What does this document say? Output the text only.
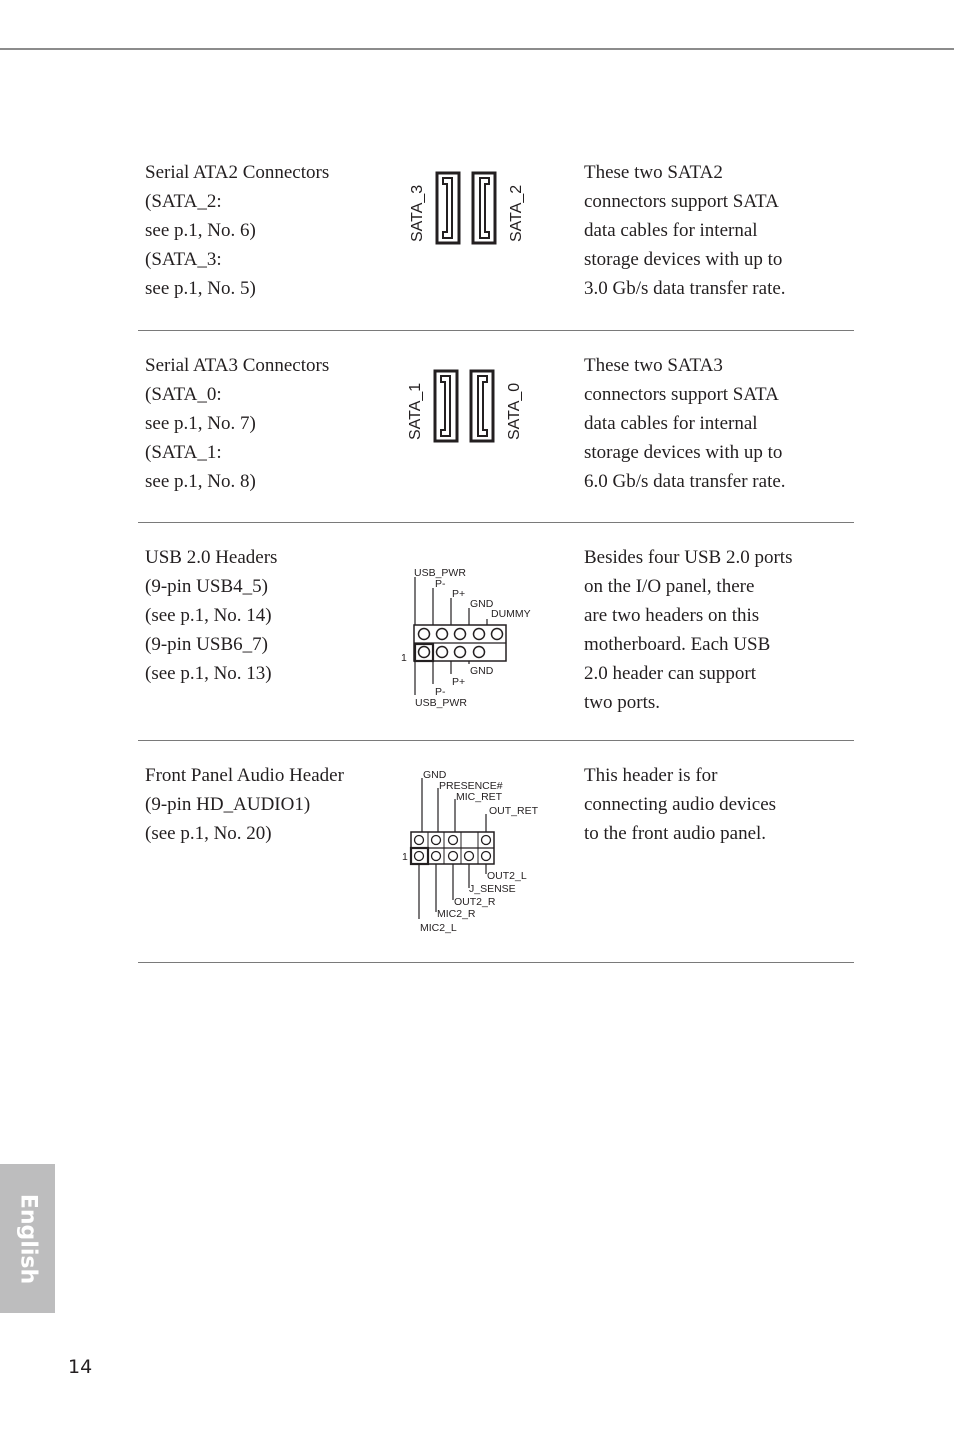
Serial ATA2 Connectors
(SATA_2:
see p.1, No. 6)
(SATA_3:
see p.1, No. 5)
SATA_3	SATA_2
These two SATA2
connectors support SATA
data cables for internal
storage devices with up to
3.0 Gb/s data transfer rate.
Serial ATA3 Connectors
(SATA_0:
see p.1, No. 7)
(SATA_1:
see p.1, No. 8)
SATA_1	SATA_0
These two SATA3
connectors support SATA
data cables for internal
storage devices with up to
6.0 Gb/s data transfer rate.
USB 2.0 Headers
(9-pin USB4_5)
(see p.1, No. 14)
(9-pin USB6_7)
(see p.1, No. 13)
USB_PWR
P-
P+
GND
DUMMY
1
GND
P+
P-
USB_PWR
Besides four USB 2.0 ports
on the I/O panel, there
are two headers on this
motherboard. Each USB
2.0 header can support
two ports.
Front Panel Audio Header
(9-pin HD_AUDIO1)
(see p.1, No. 20)
GND
PRESENCE#
MIC_RET
OUT_RET
1
OUT2_L
J_SENSE
OUT2_R
MIC2_R
MIC2_L
This header is for
connecting audio devices
to the front audio panel.
English
14
